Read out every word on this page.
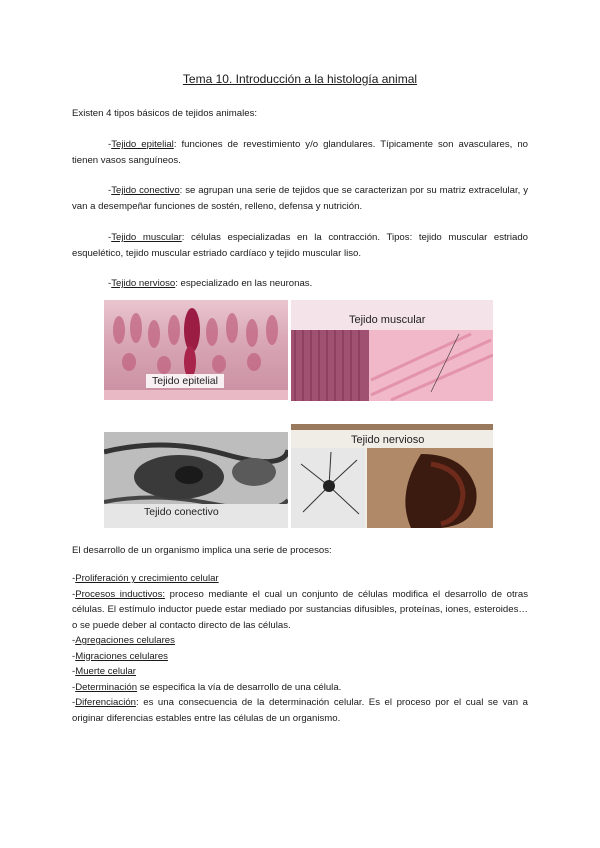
Tema 10. Introducción a la histología animal

Existen 4 tipos básicos de tejidos animales:

-Tejido epitelial: funciones de revestimiento y/o glandulares. Típicamente son avasculares, no tienen vasos sanguíneos.

-Tejido conectivo: se agrupan una serie de tejidos que se caracterizan por su matriz extracelular, y van a desempeñar funciones de sostén, relleno, defensa y nutrición.

-Tejido muscular: células especializadas en la contracción. Tipos: tejido muscular estriado esquelético, tejido muscular estriado cardíaco y tejido muscular liso.

-Tejido nervioso: especializado en las neuronas.

Tejido epitelial
Tejido muscular
Tejido conectivo
Tejido nervioso

El desarrollo de un organismo implica una serie de procesos:

-Proliferación y crecimiento celular
-Procesos inductivos: proceso mediante el cual un conjunto de células modifica el desarrollo de otras células. El estímulo inductor puede estar mediado por sustancias difusibles, proteínas, iones, esteroides… o se puede deber al contacto directo de las células.
-Agregaciones celulares
-Migraciones celulares
-Muerte celular
-Determinación se especifica la vía de desarrollo de una célula.
-Diferenciación: es una consecuencia de la determinación celular. Es el proceso por el cual se van a originar diferencias estables entre las células de un organismo.
